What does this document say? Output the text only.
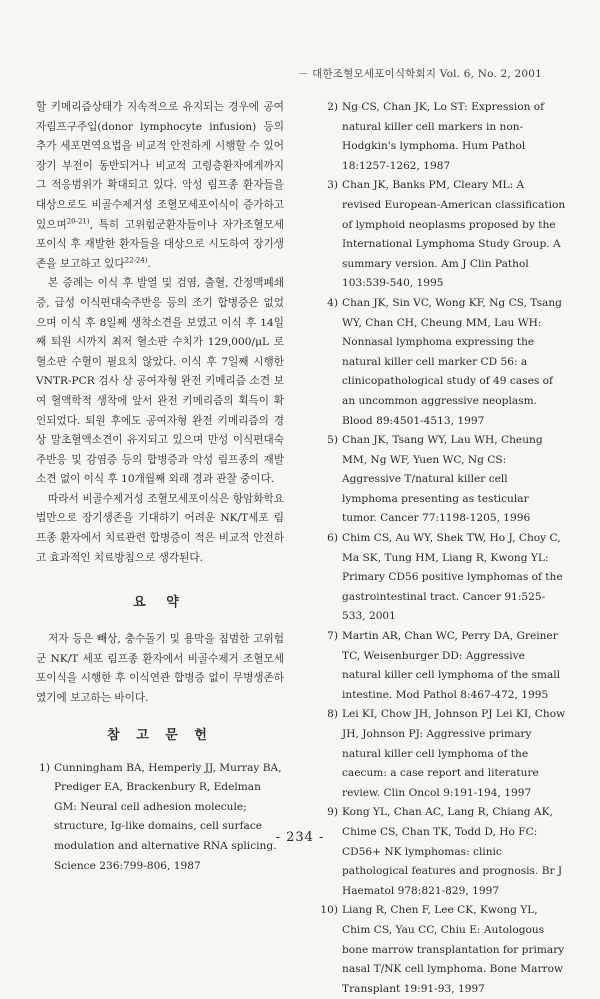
－ 대한조혈모세포이식학회지 Vol. 6, No. 2, 2001

할 키메리즘상태가 지속적으로 유지되는 경우에 공여자림프구주입(donor lymphocyte infusion) 등의 추가 세포면역요법을 비교적 안전하게 시행할 수 있어 장기 부전이 동반되거나 비교적 고령층환자에게까지 그 적응범위가 확대되고 있다. 악성 림프종 환자들을 대상으로도 비골수제거성 조혈모세포이식이 증가하고 있으며$^{20-21)}$, 특히 고위험군환자들이나 자가조혈모세포이식 후 재발한 환자들을 대상으로 시도하여 장기생존을 보고하고 있다$^{22-24)}$.

본 증례는 이식 후 발열 및 검염, 출혈, 간정맥폐쇄증, 급성 이식편대숙주반응 등의 조기 합병증은 없었으며 이식 후 8일째 생착소견을 보였고 이식 후 14일째 퇴원 시까지 최저 혈소판 수치가 129,000/μL 로 혈소판 수혈이 필요치 않았다. 이식 후 7일째 시행한 VNTR-PCR 검사 상 공여자형 완전 키메리즘 소견 보여 혈액학적 생착에 앞서 완전 키메리즘의 획득이 확인되었다. 퇴원 후에도 공여자형 완전 키메리즘의 경상 말초혈액소견이 유지되고 있으며 만성 이식편대숙주반응 및 감염증 등의 합병증과 악성 림프종의 재발 소견 없이 이식 후 10개월째 외래 경과 관찰 중이다.

따라서 비골수제거성 조혈모세포이식은 항암화학요법만으로 장기생존을 기대하기 어려운 NK/T세포 림프종 환자에서 치료관련 합병증이 적은 비교적 안전하고 효과적인 치료방침으로 생각된다.

요 약

저자 등은 빼상, 충수돌기 및 용막을 침범한 고위험군 NK/T 세포 림프종 환자에서 비골수제거 조혈모세포이식을 시행한 후 이식연관 합병증 없이 무병생존하였기에 보고하는 바이다.

참 고 문 헌
1) Cunningham BA, Hemperly JJ, Murray BA, Prediger EA, Brackenbury R, Edelman GM: Neural cell adhesion molecule; structure, Ig-like domains, cell surface modulation and alternative RNA splicing. Science 236:799-806, 1987
2) Ng CS, Chan JK, Lo ST: Expression of natural killer cell markers in non-Hodgkin's lymphoma. Hum Pathol 18:1257-1262, 1987
3) Chan JK, Banks PM, Cleary ML: A revised European-American classification of lymphoid neoplasms proposed by the International Lymphoma Study Group. A summary version. Am J Clin Pathol 103:539-540, 1995
4) Chan JK, Sin VC, Wong KF, Ng CS, Tsang WY, Chan CH, Cheung MM, Lau WH: Nonnasal lymphoma expressing the natural killer cell marker CD 56: a clinicopathological study of 49 cases of an uncommon aggressive neoplasm. Blood 89:4501-4513, 1997
5) Chan JK, Tsang WY, Lau WH, Cheung MM, Ng WF, Yuen WC, Ng CS: Aggressive T/natural killer cell lymphoma presenting as testicular tumor. Cancer 77:1198-1205, 1996
6) Chim CS, Au WY, Shek TW, Ho J, Choy C, Ma SK, Tung HM, Liang R, Kwong YL: Primary CD56 positive lymphomas of the gastrointestinal tract. Cancer 91:525-533, 2001
7) Martin AR, Chan WC, Perry DA, Greiner TC, Weisenburger DD: Aggressive natural killer cell lymphoma of the small intestine. Mod Pathol 8:467-472, 1995
8) Lei KI, Chow JH, Johnson PJ Lei KI, Chow JH, Johnson PJ: Aggressive primary natural killer cell lymphoma of the caecum: a case report and literature review. Clin Oncol 9:191-194, 1997
9) Kong YL, Chan AC, Lang R, Chiang AK, Chime CS, Chan TK, Todd D, Ho FC: CD56+ NK lymphomas: clinic pathological features and prognosis. Br J Haematol 978:821-829, 1997
10) Liang R, Chen F, Lee CK, Kwong YL, Chim CS, Yau CC, Chiu E: Autologous bone marrow transplantation for primary nasal T/NK cell lymphoma. Bone Marrow Transplant 19:91-93, 1997
- 234 -
